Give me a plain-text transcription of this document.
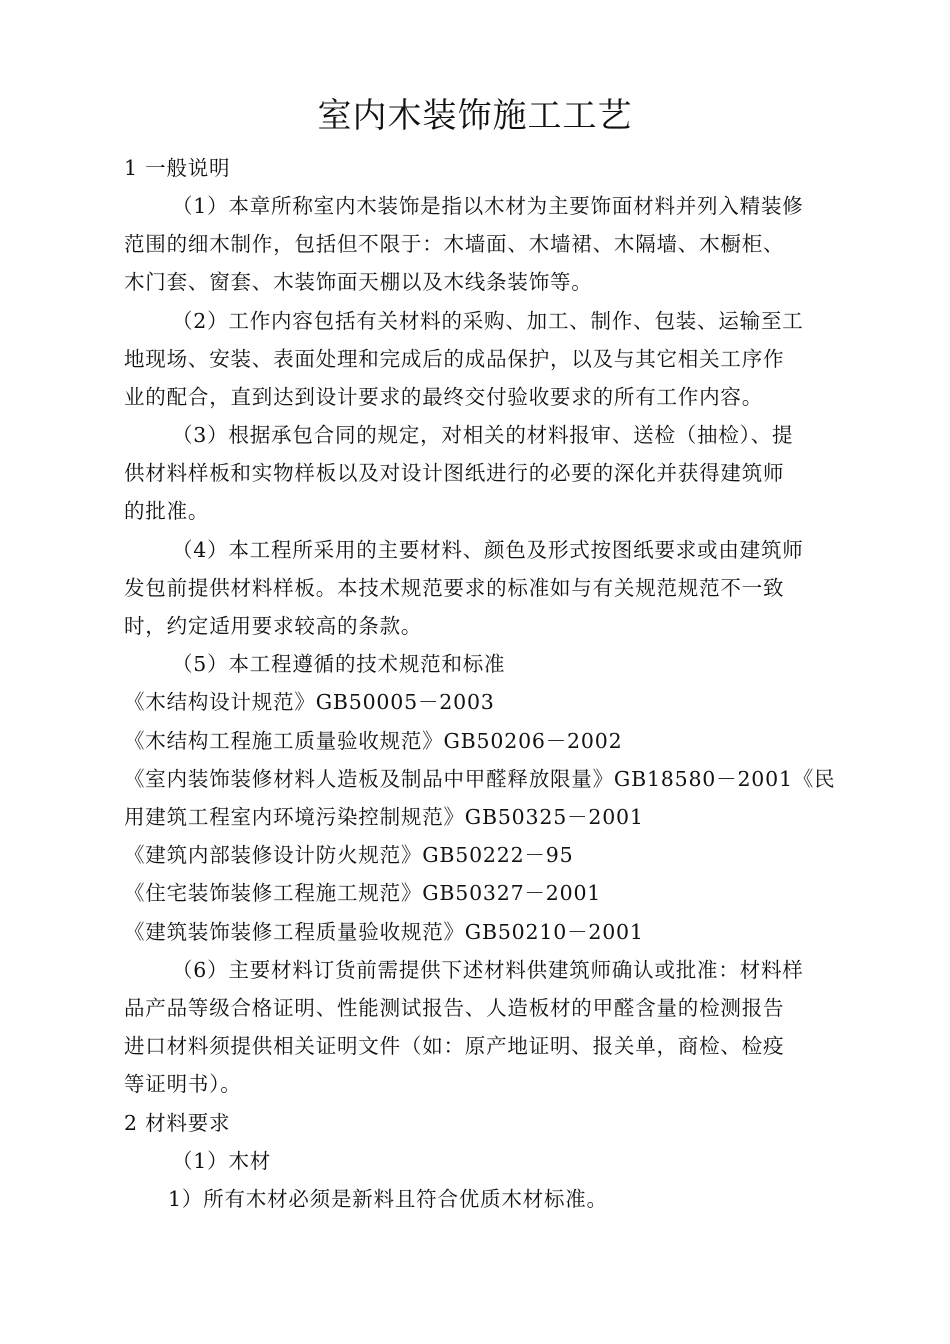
室内木装饰施工工艺
1 一般说明
（1）本章所称室内木装饰是指以木材为主要饰面材料并列入精装修
范围的细木制作，包括但不限于：木墙面、木墙裙、木隔墙、木橱柜、
木门套、窗套、木装饰面天棚以及木线条装饰等。
（2）工作内容包括有关材料的采购、加工、制作、包装、运输至工
地现场、安装、表面处理和完成后的成品保护，以及与其它相关工序作
业的配合，直到达到设计要求的最终交付验收要求的所有工作内容。
（3）根据承包合同的规定，对相关的材料报审、送检（抽检）、提
供材料样板和实物样板以及对设计图纸进行的必要的深化并获得建筑师
的批准。
（4）本工程所采用的主要材料、颜色及形式按图纸要求或由建筑师
发包前提供材料样板。本技术规范要求的标准如与有关规范规范不一致
时，约定适用要求较高的条款。
（5）本工程遵循的技术规范和标准
《木结构设计规范》GB50005－2003
《木结构工程施工质量验收规范》GB50206－2002
《室内装饰装修材料人造板及制品中甲醛释放限量》GB18580－2001《民
用建筑工程室内环境污染控制规范》GB50325－2001
《建筑内部装修设计防火规范》GB50222－95
《住宅装饰装修工程施工规范》GB50327－2001
《建筑装饰装修工程质量验收规范》GB50210－2001
（6）主要材料订货前需提供下述材料供建筑师确认或批准：材料样
品产品等级合格证明、性能测试报告、人造板材的甲醛含量的检测报告
进口材料须提供相关证明文件（如：原产地证明、报关单，商检、检疫
等证明书）。
2 材料要求
（1）木材
1）所有木材必须是新料且符合优质木材标准。
